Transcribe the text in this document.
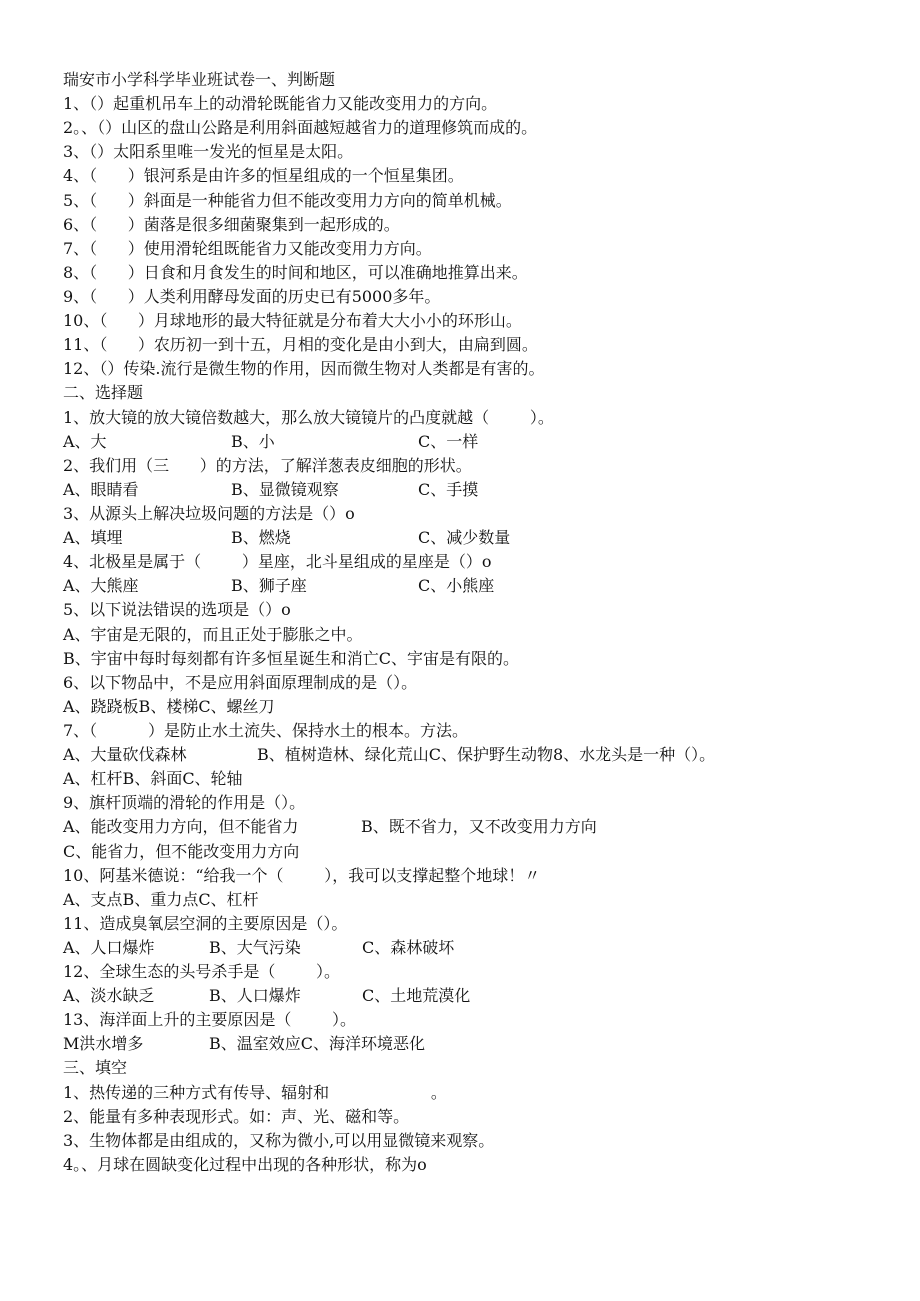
瑞安市小学科学毕业班试卷一、判断题
1、（）起重机吊车上的动滑轮既能省力又能改变用力的方向。
2。、（）山区的盘山公路是利用斜面越短越省力的道理修筑而成的。
3、（）太阳系里唯一发光的恒星是太阳。
4、（      ）银河系是由许多的恒星组成的一个恒星集团。
5、（      ）斜面是一种能省力但不能改变用力方向的简单机械。
6、（      ）菌落是很多细菌聚集到一起形成的。
7、（      ）使用滑轮组既能省力又能改变用力方向。
8、（      ）日食和月食发生的时间和地区，可以准确地推算出来。
9、（      ）人类利用酵母发面的历史已有5000多年。
10、（      ）月球地形的最大特征就是分布着大大小小的环形山。
11、（      ）农历初一到十五，月相的变化是由小到大，由扁到圆。
12、（）传染.流行是微生物的作用，因而微生物对人类都是有害的。
二、选择题
1、放大镜的放大镜倍数越大，那么放大镜镜片的凸度就越（        ）。
A、大	B、小	C、一样
2、我们用（三      ）的方法，了解洋葱表皮细胞的形状。
A、眼睛看	B、显微镜观察	C、手摸
3、从源头上解决垃圾问题的方法是（）o
A、填埋	B、燃烧	C、减少数量
4、北极星是属于（        ）星座，北斗星组成的星座是（）o
A、大熊座	B、狮子座	C、小熊座
5、以下说法错误的选项是（）o
A、宇宙是无限的，而且正处于膨胀之中。
B、宇宙中每时每刻都有许多恒星诞生和消亡C、宇宙是有限的。
6、以下物品中，不是应用斜面原理制成的是（）。
A、跷跷板B、楼梯C、螺丝刀
7、（          ）是防止水土流失、保持水土的根本。方法。
A、大量砍伐森林	B、植树造林、绿化荒山C、保护野生动物8、水龙头是一种（）。
A、杠杆B、斜面C、轮轴
9、旗杆顶端的滑轮的作用是（）。
A、能改变用力方向，但不能省力	B、既不省力，又不改变用力方向
C、能省力，但不能改变用力方向
10、阿基米德说：“给我一个（        ），我可以支撑起整个地球！〃
A、支点B、重力点C、杠杆
11、造成臭氧层空洞的主要原因是（）。
A、人口爆炸	B、大气污染	C、森林破坏
12、全球生态的头号杀手是（        ）。
A、淡水缺乏	B、人口爆炸	C、土地荒漠化
13、海洋面上升的主要原因是（        ）。
M洪水增多	B、温室效应C、海洋环境恶化
三、填空
1、热传递的三种方式有传导、辐射和                    。
2、能量有多种表现形式。如：声、光、磁和等。
3、生物体都是由组成的，又称为微小,可以用显微镜来观察。
4。、月球在圆缺变化过程中出现的各种形状，称为o
